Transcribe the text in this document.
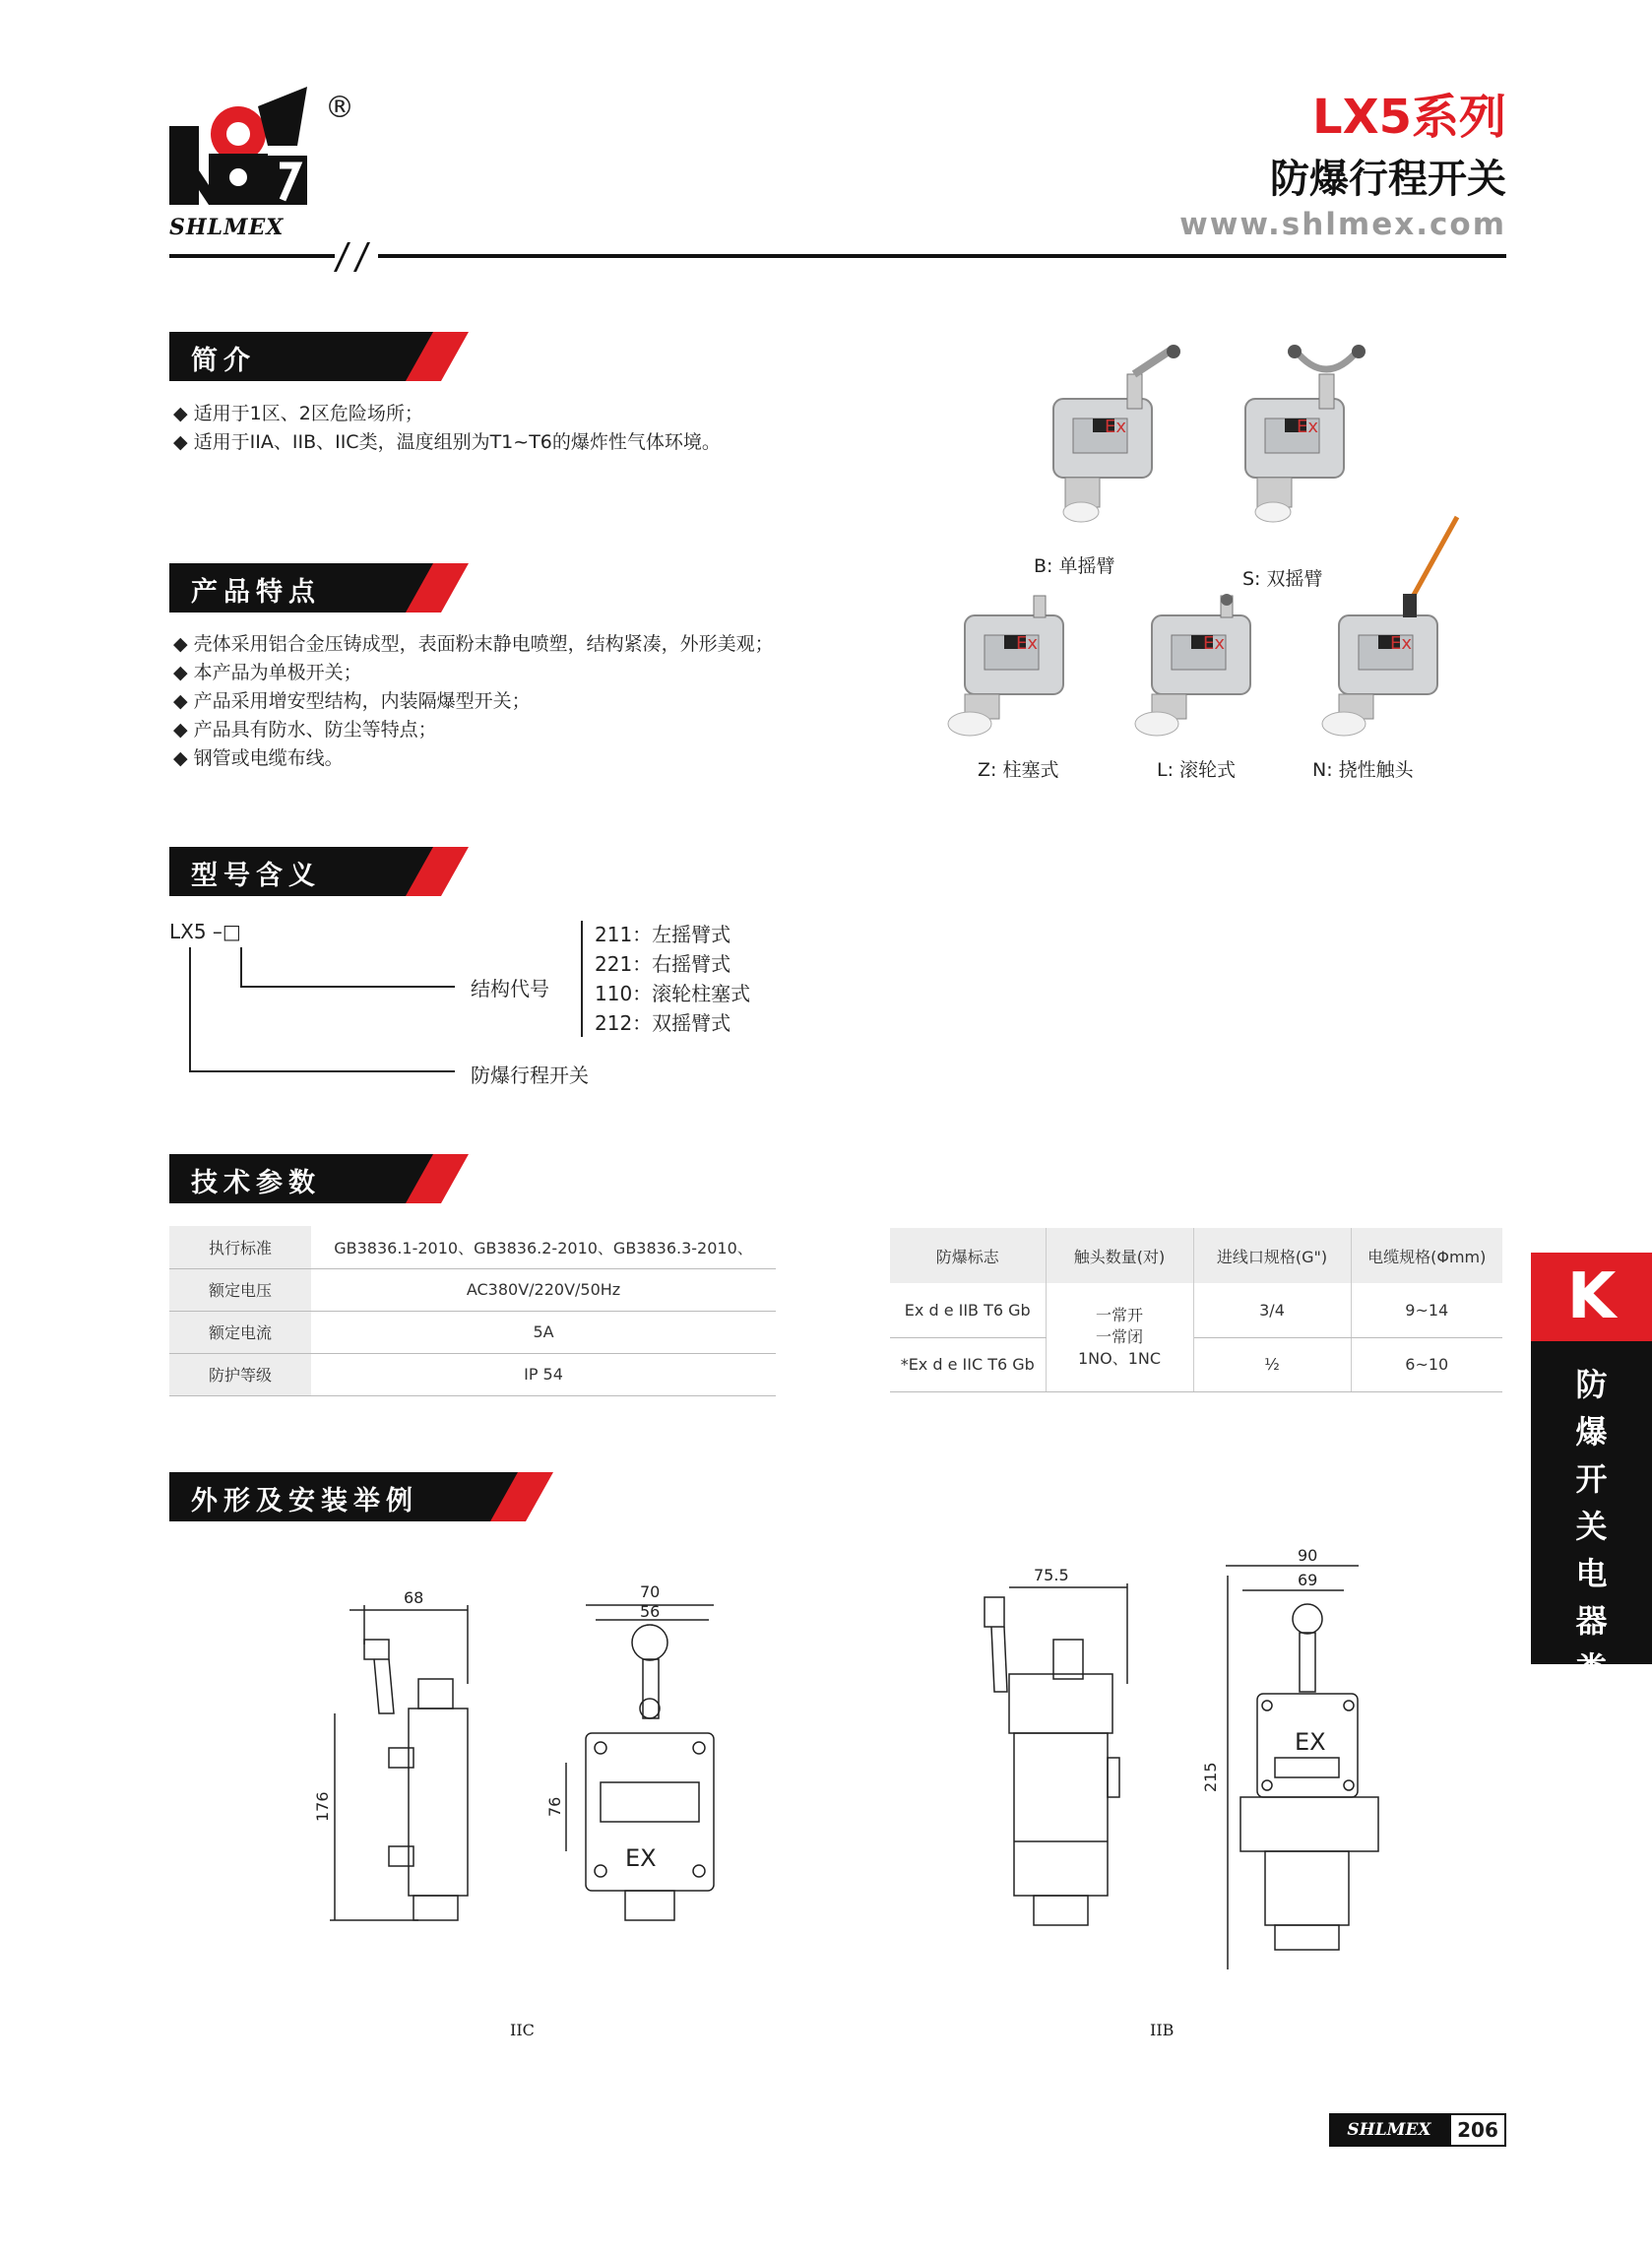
®
SHLMEX
LX5系列
防爆行程开关
www.shlmex.com
简介
◆ 适用于1区、2区危险场所；
◆ 适用于IIA、IIB、IIC类，温度组别为T1~T6的爆炸性气体环境。
产品特点
◆ 壳体采用铝合金压铸成型，表面粉末静电喷塑，结构紧凑，外形美观；
◆ 本产品为单极开关；
◆ 产品采用增安型结构，内装隔爆型开关；
◆ 产品具有防水、防尘等特点；
◆ 钢管或电缆布线。
Ex
B: 单摇臂
Ex
S: 双摇臂
Ex
Z: 柱塞式
Ex
L: 滚轮式
Ex
N: 挠性触头
型号含义
LX5 –□
结构代号
防爆行程开关
211：左摇臂式
221：右摇臂式
110：滚轮柱塞式
212：双摇臂式
技术参数
执行标准	GB3836.1-2010、GB3836.2-2010、GB3836.3-2010、
额定电压	AC380V/220V/50Hz
额定电流	5A
防护等级	IP 54
防爆标志	触头数量(对)	进线口规格(G")	电缆规格(Φmm)
Ex d e IIB T6 Gb	一常开
一常闭
1NO、1NC	3/4	9~14
*Ex d e IIC T6 Gb		½	6~10
K
防
爆
开
关
电
器
类
外形及安装举例
68	70
56
176	76
EX
IIC
75.5
90
69
215
EX
IIB
SHLMEX	206
